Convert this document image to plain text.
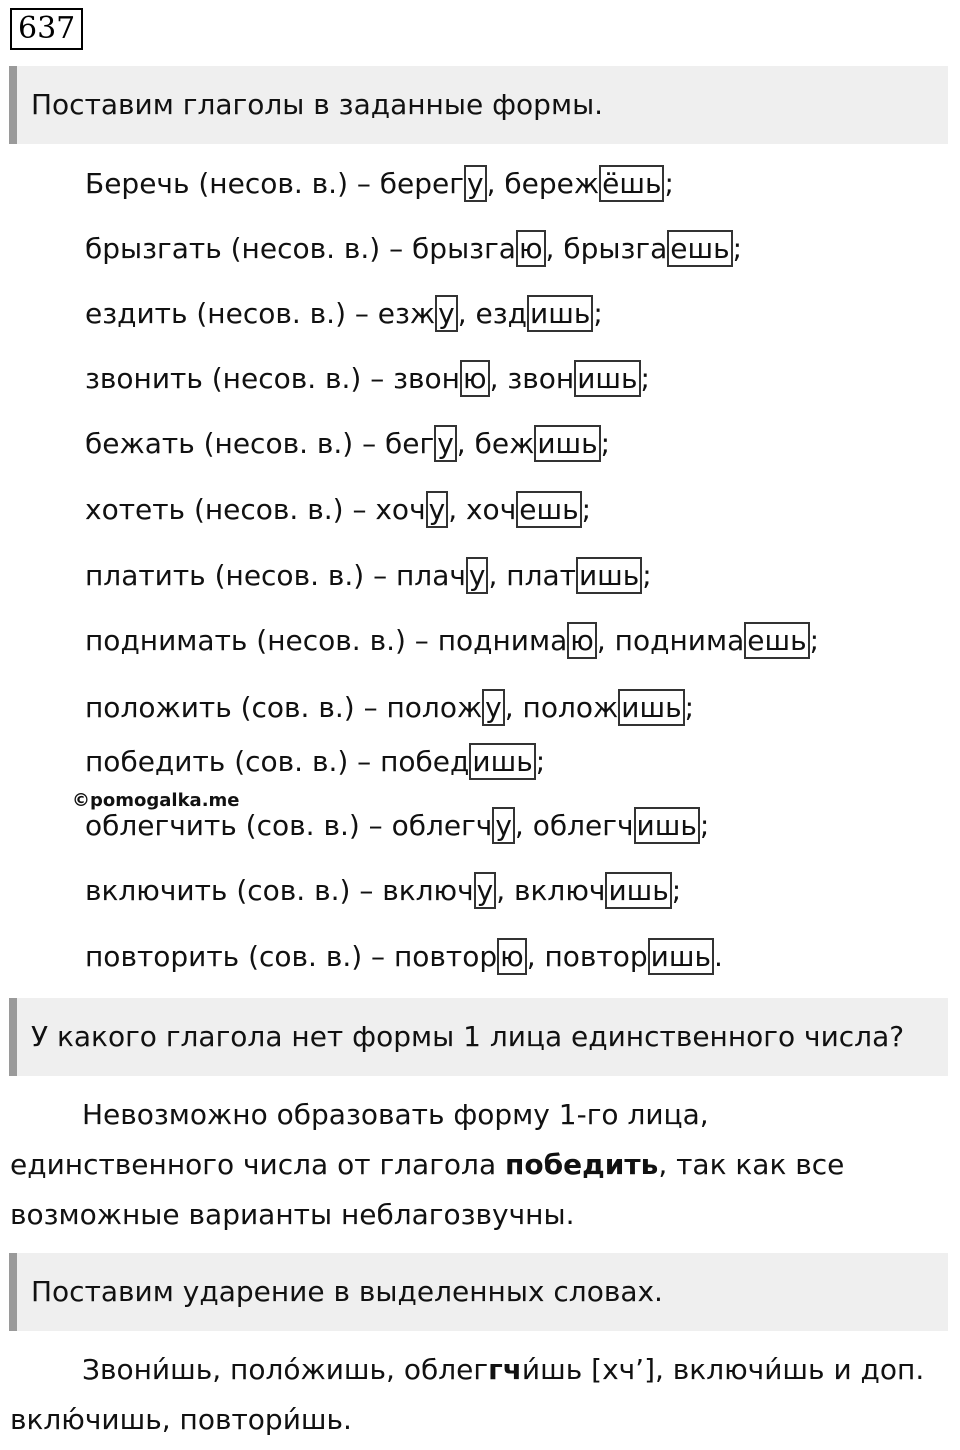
637
Поставим глаголы в заданные формы.
Беречь (несов. в.) – берег у , береж ёшь ;
брызгать (несов. в.) – брызга ю , брызга ешь ;
ездить (несов. в.) – езж у , езд ишь ;
звонить (несов. в.) – звон ю , звон ишь ;
бежать (несов. в.) – бег у , беж ишь ;
хотеть (несов. в.) – хоч у , хоч ешь ;
платить (несов. в.) – плач у , плат ишь ;
поднимать (несов. в.) – поднима ю , поднима ешь ;
положить (сов. в.) – полож у , полож ишь ;
победить (сов. в.) – побед ишь ;
облегчить (сов. в.) – облегч у , облегч ишь ;
включить (сов. в.) – включ у , включ ишь ;
повторить (сов. в.) – повтор ю , повтор ишь .
©pomogalka.me
У какого глагола нет формы 1 лица единственного числа?
Невозможно образовать форму 1-го лица, единственного числа от глагола победить, так как все возможные варианты неблагозвучны.
Поставим ударение в выделенных словах.
Звони́шь, поло́жишь, облеггчи́шь [хч’], включи́шь и доп. вклю́чишь, повтори́шь.
